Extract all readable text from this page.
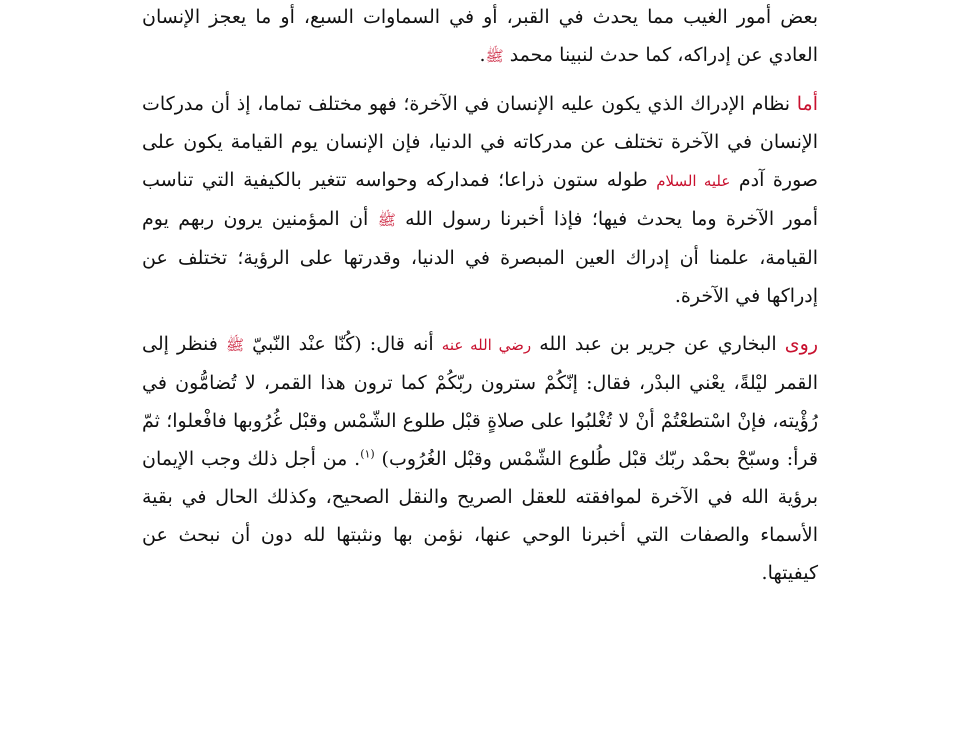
بعض أمور الغيب مما يحدث في القبر، أو في السماوات السبع، أو ما يعجز الإنسان العادي عن إدراكه، كما حدث لنبينا محمد ﷺ.

أما نظام الإدراك الذي يكون عليه الإنسان في الآخرة؛ فهو مختلف تماما، إذ أن مدركات الإنسان في الآخرة تختلف عن مدركاته في الدنيا، فإن الإنسان يوم القيامة يكون على صورة آدم عليه السلام طوله ستون ذراعا؛ فمداركه وحواسه تتغير بالكيفية التي تناسب أمور الآخرة وما يحدث فيها؛ فإذا أخبرنا رسول الله ﷺ أن المؤمنين يرون ربهم يوم القيامة، علمنا أن إدراك العين المبصرة في الدنيا، وقدرتها على الرؤية؛ تختلف عن إدراكها في الآخرة.

روى البخاري عن جرير بن عبد الله رضي الله عنه أنه قال: (كُنّا عنْد النّبيّ ﷺ فنظر إلى القمر ليْلةً، يعْني البدْر، فقال: إنّكُمْ سترون ربّكُمْ كما ترون هذا القمر، لا تُضامُّون في رُؤْيته، فإنْ اسْتطعْتُمْ أنْ لا تُغْلبُوا على صلاةٍ قبْل طلوع الشّمْس وقبْل غُرُوبها فافْعلوا؛ ثمّ قرأ: وسبّحْ بحمْد ربّك قبْل طُلوع الشّمْس وقبْل الغُرُوب) $^{(١)}$. من أجل ذلك وجب الإيمان برؤية الله في الآخرة لموافقته للعقل الصريح والنقل الصحيح، وكذلك الحال في بقية الأسماء والصفات التي أخبرنا الوحي عنها، نؤمن بها ونثبتها لله دون أن نبحث عن كيفيتها.
